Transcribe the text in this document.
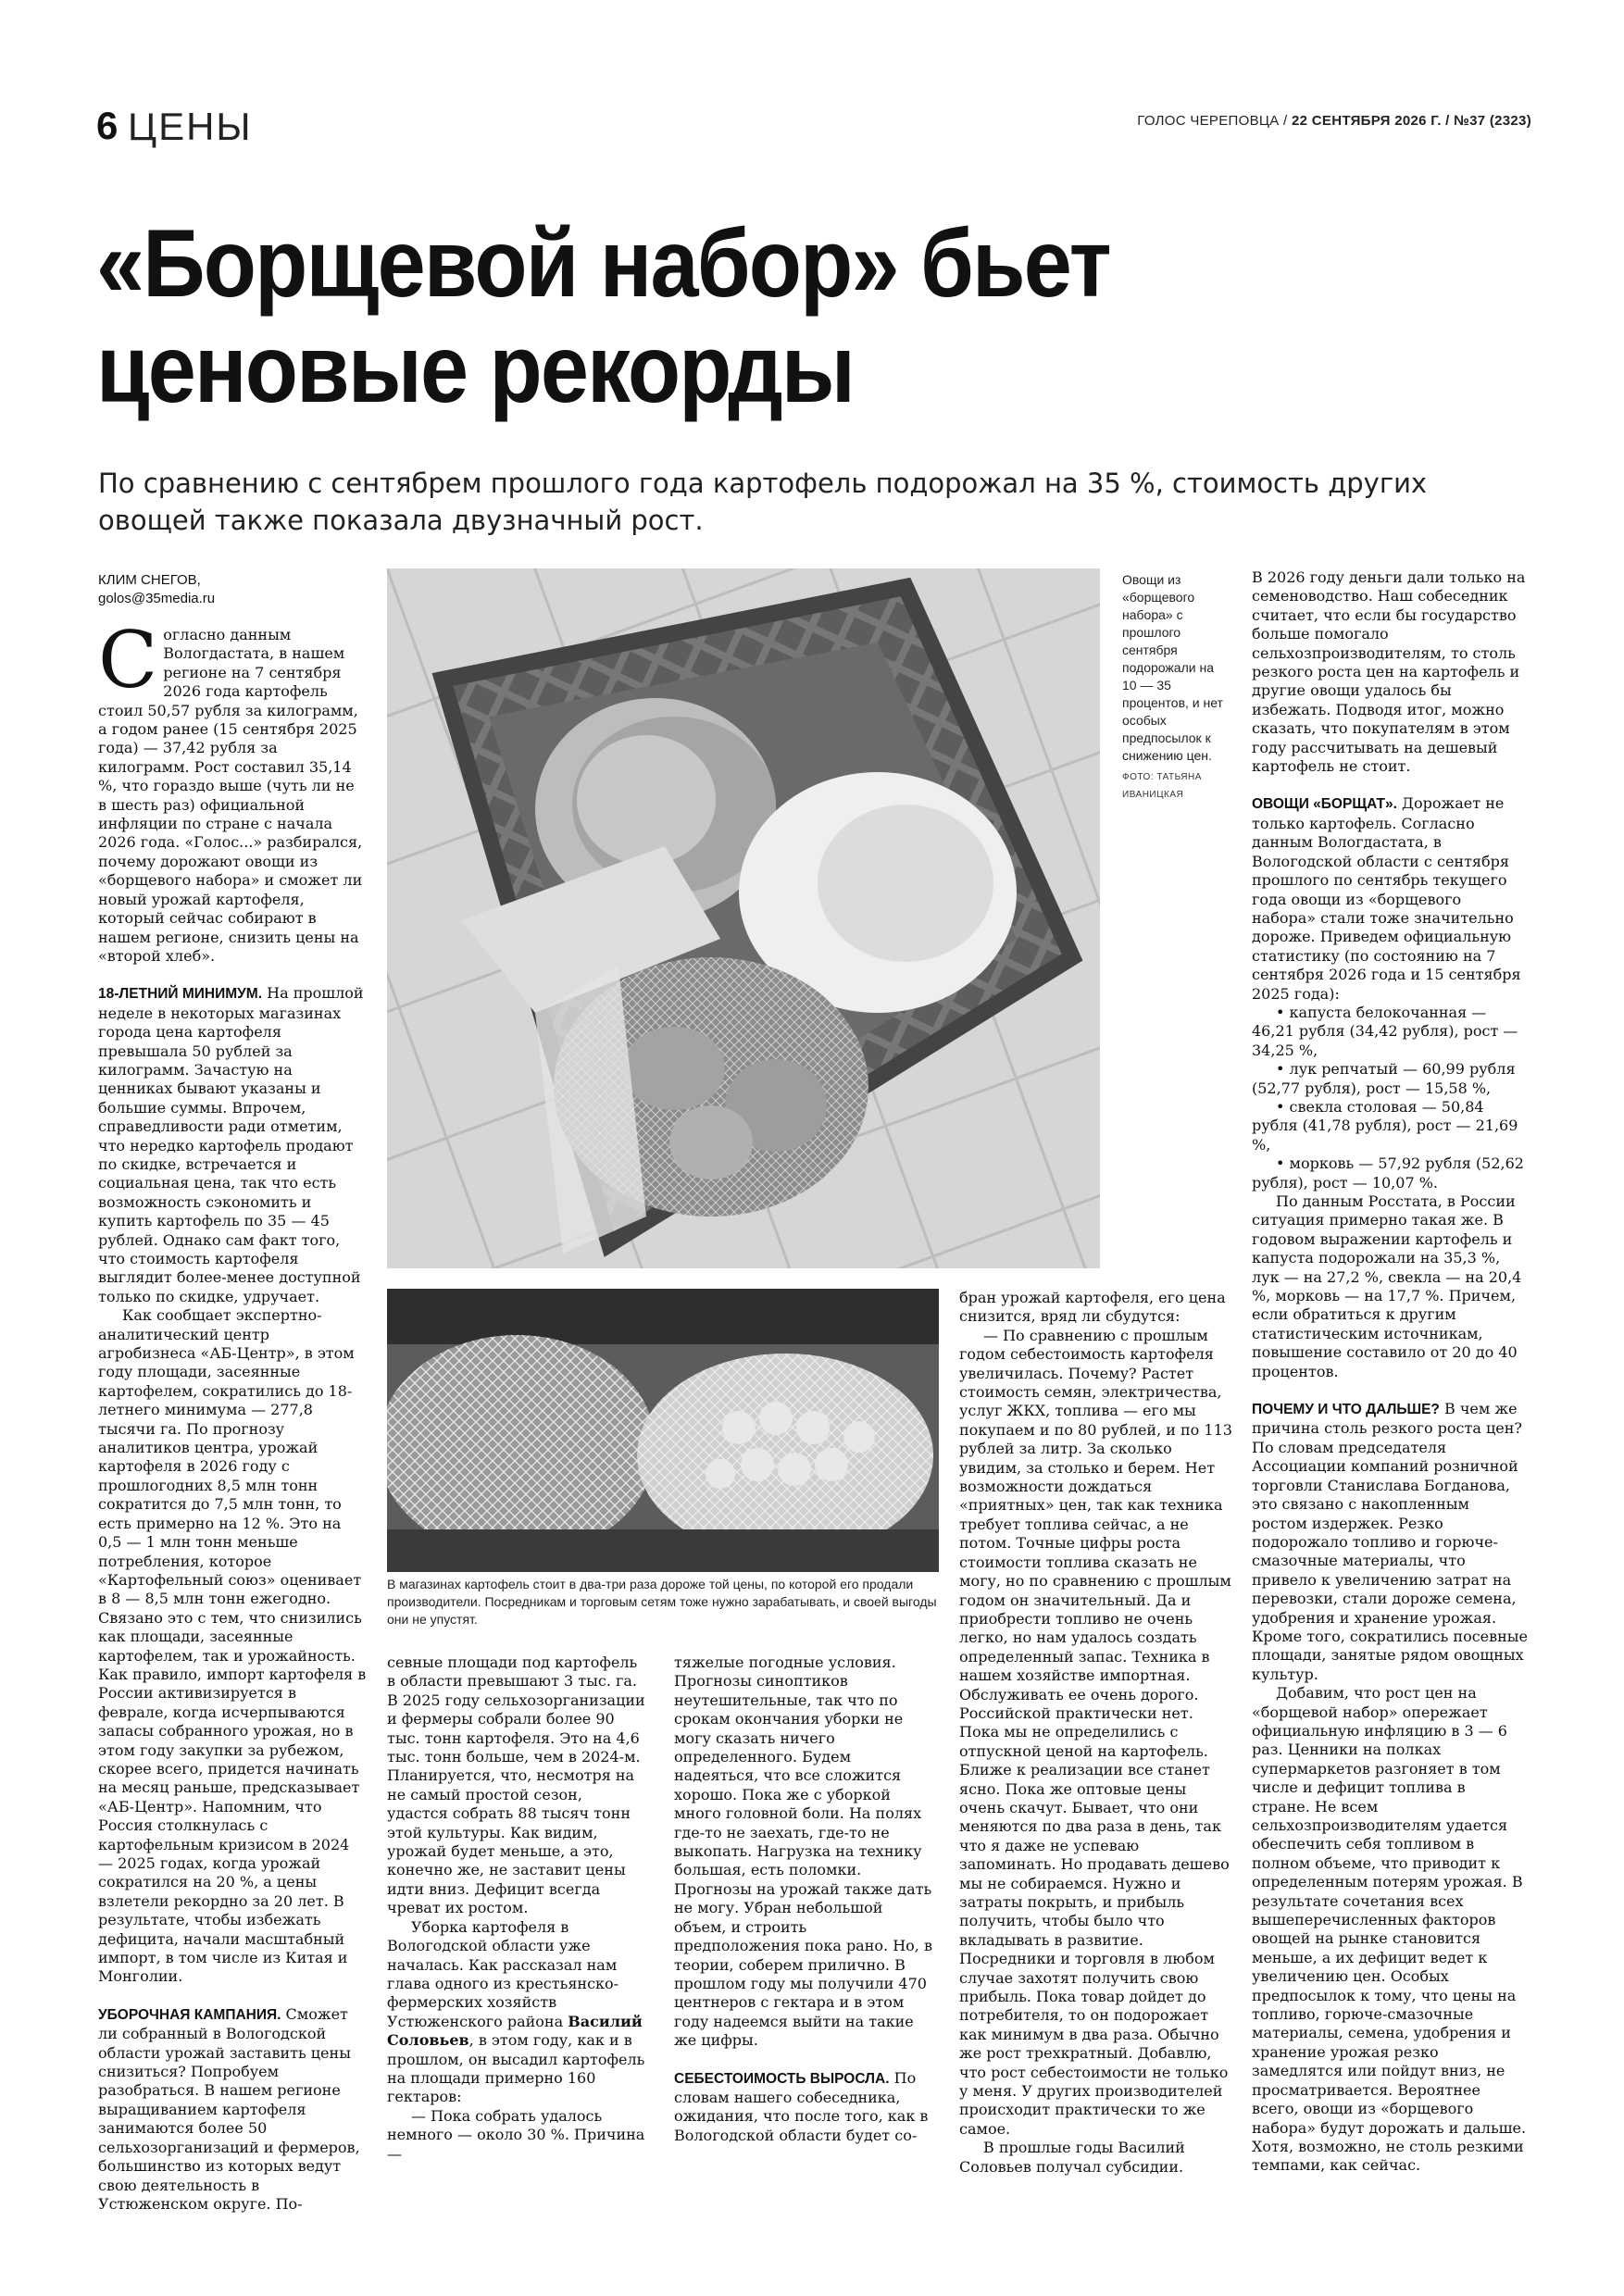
6 ЦЕНЫ	ГОЛОС ЧЕРЕПОВЦА / 22 СЕНТЯБРЯ 2026 Г. / №37 (2323)
«Борщевой набор» бьет
ценовые рекорды
По сравнению с сентябрем прошлого года картофель подорожал на 35 %, стоимость других
овощей также показала двузначный рост.
КЛИМ СНЕГОВ,
golos@35media.ru

Согласно данным Вологдастата, в нашем регионе на 7 сентября 2026 года картофель стоил 50,57 рубля за килограмм, а годом ранее (15 сентября 2025 года) — 37,42 рубля за килограмм. Рост составил 35,14 %, что гораздо выше (чуть ли не в шесть раз) официальной инфляции по стране с начала 2026 года. «Голос...» разбирался, почему дорожают овощи из «борщевого набора» и сможет ли новый урожай картофеля, который сейчас собирают в нашем регионе, снизить цены на «второй хлеб».

18-ЛЕТНИЙ МИНИМУМ. На прошлой неделе в некоторых магазинах города цена картофеля превышала 50 рублей за килограмм. Зачастую на ценниках бывают указаны и большие суммы. Впрочем, справедливости ради отметим, что нередко картофель продают по скидке, встречается и социальная цена, так что есть возможность сэкономить и купить картофель по 35 — 45 рублей. Однако сам факт того, что стоимость картофеля выглядит более-менее доступной только по скидке, удручает.

Как сообщает экспертно-аналитический центр агробизнеса «АБ-Центр», в этом году площади, засеянные картофелем, сократились до 18-летнего минимума — 277,8 тысячи га. По прогнозу аналитиков центра, урожай картофеля в 2026 году с прошлогодних 8,5 млн тонн сократится до 7,5 млн тонн, то есть примерно на 12 %. Это на 0,5 — 1 млн тонн меньше потребления, которое «Картофельный союз» оценивает в 8 — 8,5 млн тонн ежегодно. Связано это с тем, что снизились как площади, засеянные картофелем, так и урожайность. Как правило, импорт картофеля в России активизируется в феврале, когда исчерпываются запасы собранного урожая, но в этом году закупки за рубежом, скорее всего, придется начинать на месяц раньше, предсказывает «АБ-Центр». Напомним, что Россия столкнулась с картофельным кризисом в 2024 — 2025 годах, когда урожай сократился на 20 %, а цены взлетели рекордно за 20 лет. В результате, чтобы избежать дефицита, начали масштабный импорт, в том числе из Китая и Монголии.

УБОРОЧНАЯ КАМПАНИЯ. Сможет ли собранный в Вологодской области урожай заставить цены снизиться? Попробуем разобраться. В нашем регионе выращиванием картофеля занимаются более 50 сельхозорганизаций и фермеров, большинство из которых ведут свою деятельность в Устюженском округе. По-

Овощи из «борщевого набора» с прошлого сентября подорожали на 10 — 35 процентов, и нет особых предпосылок к снижению цен.
ФОТО: ТАТЬЯНА ИВАНИЦКАЯ

В 2026 году деньги дали только на семеноводство. Наш собеседник считает, что если бы государство больше помогало сельхозпроизводителям, то столь резкого роста цен на картофель и другие овощи удалось бы избежать. Подводя итог, можно сказать, что покупателям в этом году рассчитывать на дешевый картофель не стоит.

ОВОЩИ «БОРЩАТ». Дорожает не только картофель. Согласно данным Вологдастата, в Вологодской области с сентября прошлого по сентябрь текущего года овощи из «борщевого набора» стали тоже значительно дороже. Приведем официальную статистику (по состоянию на 7 сентября 2026 года и 15 сентября 2025 года):

• капуста белокочанная — 46,21 рубля (34,42 рубля), рост — 34,25 %,

• лук репчатый — 60,99 рубля (52,77 рубля), рост — 15,58 %,

• свекла столовая — 50,84 рубля (41,78 рубля), рост — 21,69 %,

• морковь — 57,92 рубля (52,62 рубля), рост — 10,07 %.

По данным Росстата, в России ситуация примерно такая же. В годовом выражении картофель и капуста подорожали на 35,3 %, лук — на 27,2 %, свекла — на 20,4 %, морковь — на 17,7 %. Причем, если обратиться к другим статистическим источникам, повышение составило от 20 до 40 процентов.

ПОЧЕМУ И ЧТО ДАЛЬШЕ? В чем же причина столь резкого роста цен? По словам председателя Ассоциации компаний розничной торговли Станислава Богданова, это связано с накопленным ростом издержек. Резко подорожало топливо и горюче-смазочные материалы, что привело к увеличению затрат на перевозки, стали дороже семена, удобрения и хранение урожая. Кроме того, сократились посевные площади, занятые рядом овощных культур.

Добавим, что рост цен на «борщевой набор» опережает официальную инфляцию в 3 — 6 раз. Ценники на полках супермаркетов разгоняет в том числе и дефицит топлива в стране. Не всем сельхозпроизводителям удается обеспечить себя топливом в полном объеме, что приводит к определенным потерям урожая. В результате сочетания всех вышеперечисленных факторов овощей на рынке становится меньше, а их дефицит ведет к увеличению цен. Особых предпосылок к тому, что цены на топливо, горюче-смазочные материалы, семена, удобрения и хранение урожая резко замедлятся или пойдут вниз, не просматривается. Вероятнее всего, овощи из «борщевого набора» будут дорожать и дальше. Хотя, возможно, не столь резкими темпами, как сейчас.

В магазинах картофель стоит в два-три раза дороже той цены, по которой его продали производители. Посредникам и торговым сетям тоже нужно зарабатывать, и своей выгоды они не упустят.

севные площади под картофель в области превышают 3 тыс. га. В 2025 году сельхозорганизации и фермеры собрали более 90 тыс. тонн картофеля. Это на 4,6 тыс. тонн больше, чем в 2024-м. Планируется, что, несмотря на не самый простой сезон, удастся собрать 88 тысяч тонн этой культуры. Как видим, урожай будет меньше, а это, конечно же, не заставит цены идти вниз. Дефицит всегда чреват их ростом.

Уборка картофеля в Вологодской области уже началась. Как рассказал нам глава одного из крестьянско-фермерских хозяйств Устюженского района Василий Соловьев, в этом году, как и в прошлом, он высадил картофель на площади примерно 160 гектаров:

— Пока собрать удалось немного — около 30 %. Причина —

тяжелые погодные условия. Прогнозы синоптиков неутешительные, так что по срокам окончания уборки не могу сказать ничего определенного. Будем надеяться, что все сложится хорошо. Пока же с уборкой много головной боли. На полях где-то не заехать, где-то не выкопать. Нагрузка на технику большая, есть поломки. Прогнозы на урожай также дать не могу. Убран небольшой объем, и строить предположения пока рано. Но, в теории, соберем прилично. В прошлом году мы получили 470 центнеров с гектара и в этом году надеемся выйти на такие же цифры.

СЕБЕСТОИМОСТЬ ВЫРОСЛА. По словам нашего собеседника, ожидания, что после того, как в Вологодской области будет со-

бран урожай картофеля, его цена снизится, вряд ли сбудутся:

— По сравнению с прошлым годом себестоимость картофеля увеличилась. Почему? Растет стоимость семян, электричества, услуг ЖКХ, топлива — его мы покупаем и по 80 рублей, и по 113 рублей за литр. За сколько увидим, за столько и берем. Нет возможности дождаться «приятных» цен, так как техника требует топлива сейчас, а не потом. Точные цифры роста стоимости топлива сказать не могу, но по сравнению с прошлым годом он значительный. Да и приобрести топливо не очень легко, но нам удалось создать определенный запас. Техника в нашем хозяйстве импортная. Обслуживать ее очень дорого. Российской практически нет. Пока мы не определились с отпускной ценой на картофель. Ближе к реализации все станет ясно. Пока же оптовые цены очень скачут. Бывает, что они меняются по два раза в день, так что я даже не успеваю запоминать. Но продавать дешево мы не собираемся. Нужно и затраты покрыть, и прибыль получить, чтобы было что вкладывать в развитие. Посредники и торговля в любом случае захотят получить свою прибыль. Пока товар дойдет до потребителя, то он подорожает как минимум в два раза. Обычно же рост трехкратный. Добавлю, что рост себестоимости не только у меня. У других производителей происходит практически то же самое.

В прошлые годы Василий Соловьев получал субсидии.
